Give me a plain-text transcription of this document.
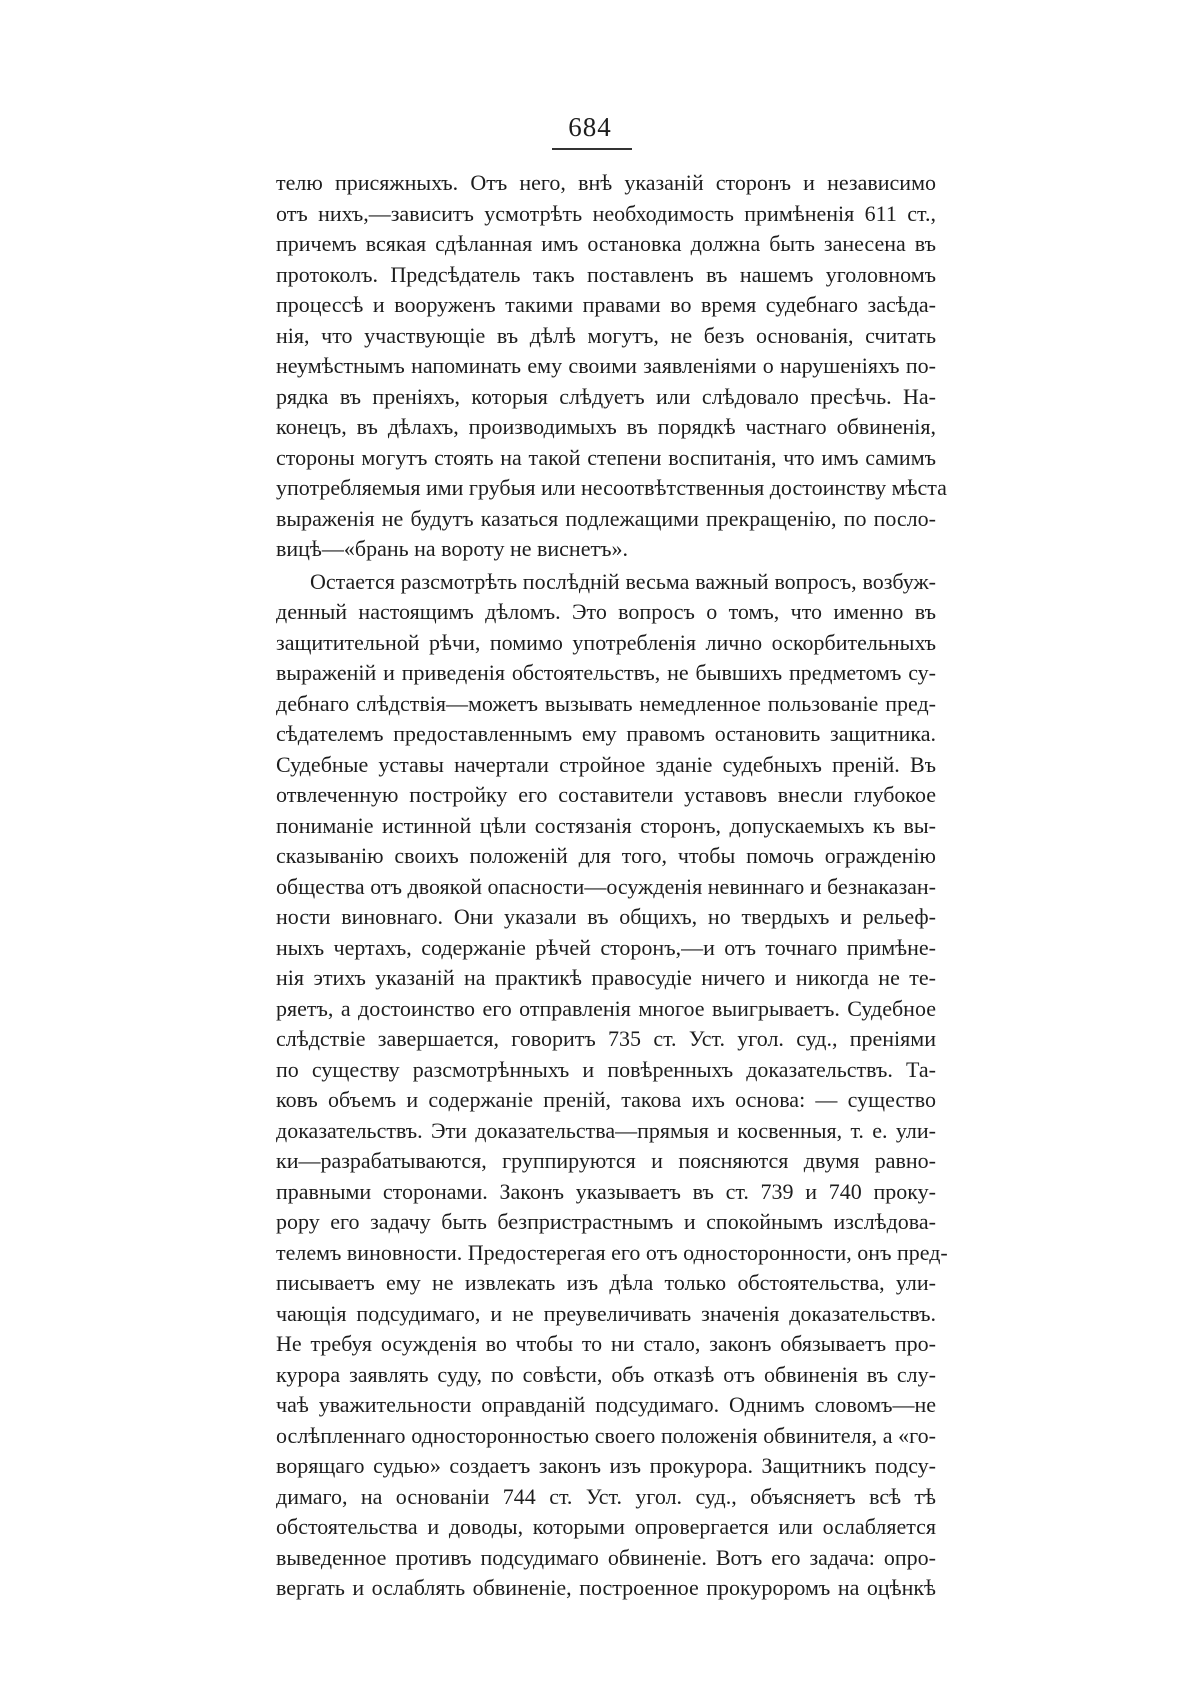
684
телю присяжныхъ. Отъ него, внѣ указаній сторонъ и независимо
отъ нихъ,—зависитъ усмотрѣть необходимость примѣненія 611 ст.,
причемъ всякая сдѣланная имъ остановка должна быть занесена въ
протоколъ. Предсѣдатель такъ поставленъ въ нашемъ уголовномъ
процессѣ и вооруженъ такими правами во время судебнаго засѣда-
нія, что участвующіе въ дѣлѣ могутъ, не безъ основанія, считать
неумѣстнымъ напоминать ему своими заявленіями о нарушеніяхъ по-
рядка въ преніяхъ, которыя слѣдуетъ или слѣдовало пресѣчь. На-
конецъ, въ дѣлахъ, производимыхъ въ порядкѣ частнаго обвиненія,
стороны могутъ стоять на такой степени воспитанія, что имъ самимъ
употребляемыя ими грубыя или несоотвѣтственныя достоинству мѣста
выраженія не будутъ казаться подлежащими прекращенію, по посло-
вицѣ—«брань на вороту не виснетъ».
Остается разсмотрѣть послѣдній весьма важный вопросъ, возбуж-
денный настоящимъ дѣломъ. Это вопросъ о томъ, что именно въ
защитительной рѣчи, помимо употребленія лично оскорбительныхъ
выраженій и приведенія обстоятельствъ, не бывшихъ предметомъ су-
дебнаго слѣдствія—можетъ вызывать немедленное пользованіе пред-
сѣдателемъ предоставленнымъ ему правомъ остановить защитника.
Судебные уставы начертали стройное зданіе судебныхъ преній. Въ
отвлеченную постройку его составители уставовъ внесли глубокое
пониманіе истинной цѣли состязанія сторонъ, допускаемыхъ къ вы-
сказыванію своихъ положеній для того, чтобы помочь огражденію
общества отъ двоякой опасности—осужденія невиннаго и безнаказан-
ности виновнаго. Они указали въ общихъ, но твердыхъ и рельеф-
ныхъ чертахъ, содержаніе рѣчей сторонъ,—и отъ точнаго примѣне-
нія этихъ указаній на практикѣ правосудіе ничего и никогда не те-
ряетъ, а достоинство его отправленія многое выигрываетъ. Судебное
слѣдствіе завершается, говоритъ 735 ст. Уст. угол. суд., преніями
по существу разсмотрѣнныхъ и повѣренныхъ доказательствъ. Та-
ковъ объемъ и содержаніе преній, такова ихъ основа: — существо
доказательствъ. Эти доказательства—прямыя и косвенныя, т. е. ули-
ки—разрабатываются, группируются и поясняются двумя равно-
правными сторонами. Законъ указываетъ въ ст. 739 и 740 проку-
рору его задачу быть безпристрастнымъ и спокойнымъ изслѣдова-
телемъ виновности. Предостерегая его отъ односторонности, онъ пред-
писываетъ ему не извлекать изъ дѣла только обстоятельства, ули-
чающія подсудимаго, и не преувеличивать значенія доказательствъ.
Не требуя осужденія во чтобы то ни стало, законъ обязываетъ про-
курора заявлять суду, по совѣсти, объ отказѣ отъ обвиненія въ слу-
чаѣ уважительности оправданій подсудимаго. Однимъ словомъ—не
ослѣпленнаго односторонностью своего положенія обвинителя, а «го-
ворящаго судью» создаетъ законъ изъ прокурора. Защитникъ подсу-
димаго, на основаніи 744 ст. Уст. угол. суд., объясняетъ всѣ тѣ
обстоятельства и доводы, которыми опровергается или ослабляется
выведенное противъ подсудимаго обвиненіе. Вотъ его задача: опро-
вергать и ослаблять обвиненіе, построенное прокуроромъ на оцѣнкѣ
